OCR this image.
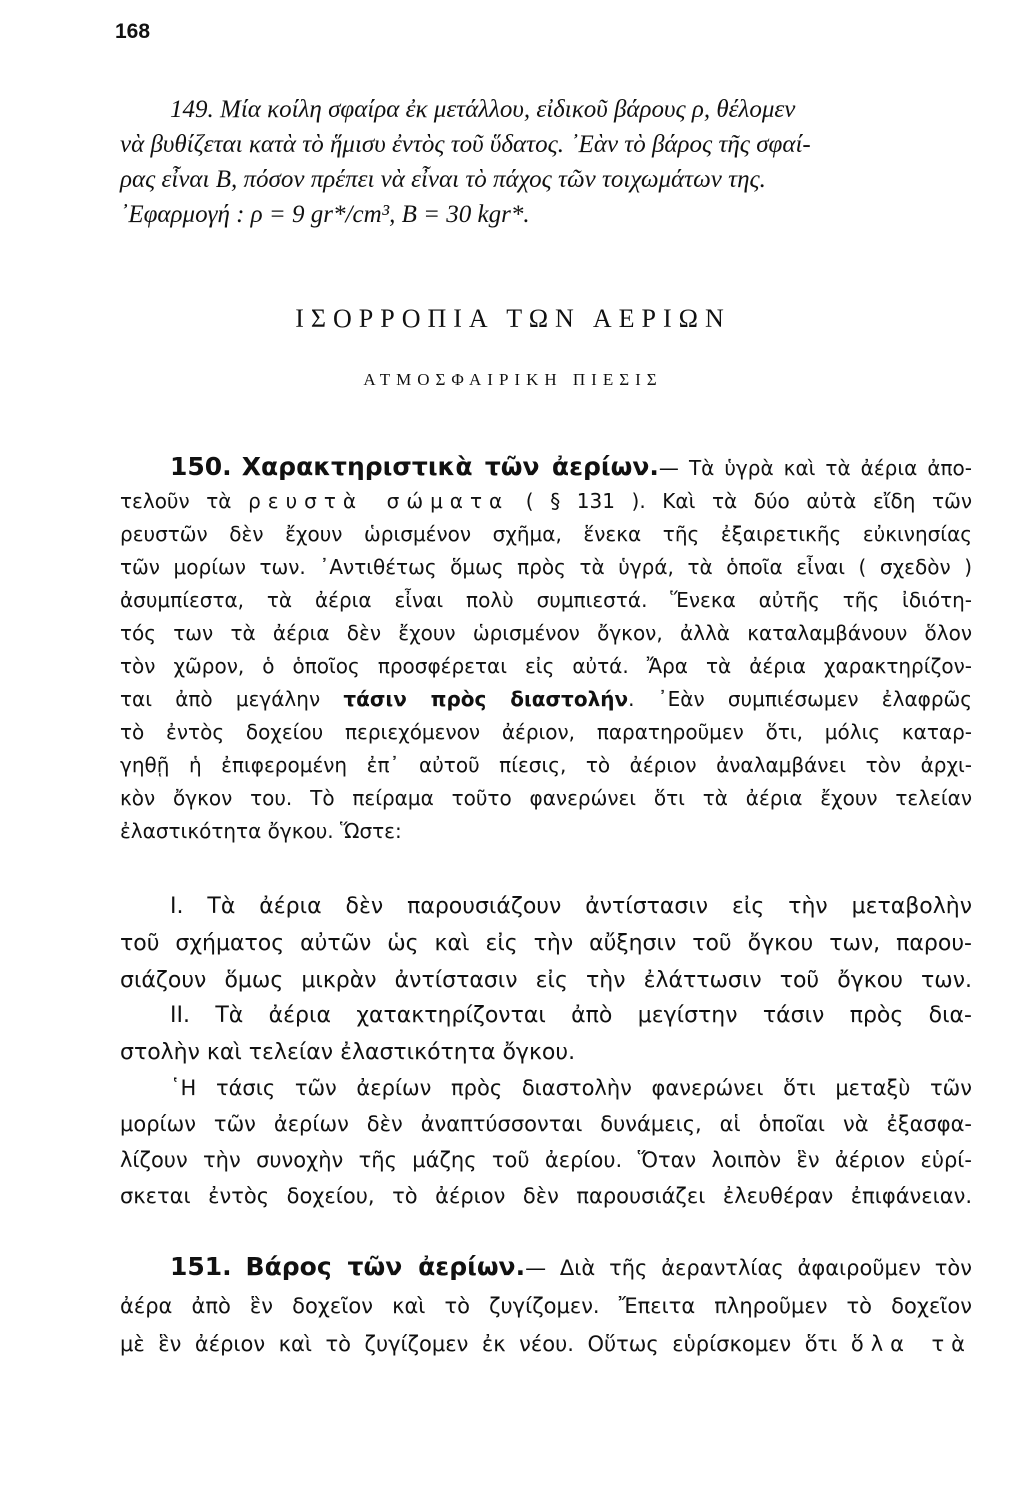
168
149. Μία κοίλη σφαίρα ἐκ μετάλλου, εἰδικοῦ βάρους ρ, θέλομεν
νὰ βυθίζεται κατὰ τὸ ἥμισυ ἐντὸς τοῦ ὕδατος. ᾿Εὰν τὸ βάρος τῆς σφαί-
ρας εἶναι Β, πόσον πρέπει νὰ εἶναι τὸ πάχος τῶν τοιχωμάτων της.
᾿Εφαρμογή : ρ = 9 gr*/cm³, Β = 30 kgr*.
ΙΣΟΡΡΟΠΙΑ ΤΩΝ ΑΕΡΙΩΝ
ΑΤΜΟΣΦΑΙΡΙΚΗ ΠΙΕΣΙΣ
150. Χαρακτηριστικὰ τῶν ἀερίων.— Τὰ ὑγρὰ καὶ τὰ ἀέρια ἀπο-
τελοῦν τὰ ρευστὰ σώματα ( § 131 ). Καὶ τὰ δύο αὐτὰ εἴδη τῶν
ρευστῶν δὲν ἔχουν ὡρισμένον σχῆμα, ἕνεκα τῆς ἐξαιρετικῆς εὐκινησίας
τῶν μορίων των. ᾿Αντιθέτως ὅμως πρὸς τὰ ὑγρά, τὰ ὁποῖα εἶναι ( σχεδὸν )
ἀσυμπίεστα, τὰ ἀέρια εἶναι πολὺ συμπιεστά. Ἕνεκα αὐτῆς τῆς ἰδιότη-
τός των τὰ ἀέρια δὲν ἔχουν ὡρισμένον ὄγκον, ἀλλὰ καταλαμβάνουν ὅλον
τὸν χῶρον, ὁ ὁποῖος προσφέρεται εἰς αὐτά. Ἄρα τὰ ἀέρια χαρακτηρίζον-
ται ἀπὸ μεγάλην τάσιν πρὸς διαστολήν. ᾿Εὰν συμπιέσωμεν ἐλαφρῶς
τὸ ἐντὸς δοχείου περιεχόμενον ἀέριον, παρατηροῦμεν ὅτι, μόλις καταρ-
γηθῇ ἡ ἐπιφερομένη ἐπ᾿ αὐτοῦ πίεσις, τὸ ἀέριον ἀναλαμβάνει τὸν ἀρχι-
κὸν ὄγκον του. Τὸ πείραμα τοῦτο φανερώνει ὅτι τὰ ἀέρια ἔχουν τελείαν
ἐλαστικότητα ὄγκου. Ὥστε:
I. Τὰ ἀέρια δὲν παρουσιάζουν ἀντίστασιν εἰς τὴν μεταβολὴν
τοῦ σχήματος αὐτῶν ὡς καὶ εἰς τὴν αὔξησιν τοῦ ὄγκου των, παρου-
σιάζουν ὅμως μικρὰν ἀντίστασιν εἰς τὴν ἐλάττωσιν τοῦ ὄγκου των.
II. Τὰ ἀέρια χατακτηρίζονται ἀπὸ μεγίστην τάσιν πρὸς δια-
στολὴν καὶ τελείαν ἐλαστικότητα ὄγκου.
῾Η τάσις τῶν ἀερίων πρὸς διαστολὴν φανερώνει ὅτι μεταξὺ τῶν
μορίων τῶν ἀερίων δὲν ἀναπτύσσονται δυνάμεις, αἱ ὁποῖαι νὰ ἐξασφα-
λίζουν τὴν συνοχὴν τῆς μάζης τοῦ ἀερίου. Ὅταν λοιπὸν ἓν ἀέριον εὑρί-
σκεται ἐντὸς δοχείου, τὸ ἀέριον δὲν παρουσιάζει ἐλευθέραν ἐπιφάνειαν.
151. Βάρος τῶν ἀερίων.— Διὰ τῆς ἀεραντλίας ἀφαιροῦμεν τὸν
ἀέρα ἀπὸ ἓν δοχεῖον καὶ τὸ ζυγίζομεν. Ἔπειτα πληροῦμεν τὸ δοχεῖον
μὲ ἓν ἀέριον καὶ τὸ ζυγίζομεν ἐκ νέου. Οὕτως εὑρίσκομεν ὅτι ὅλα τὰ
